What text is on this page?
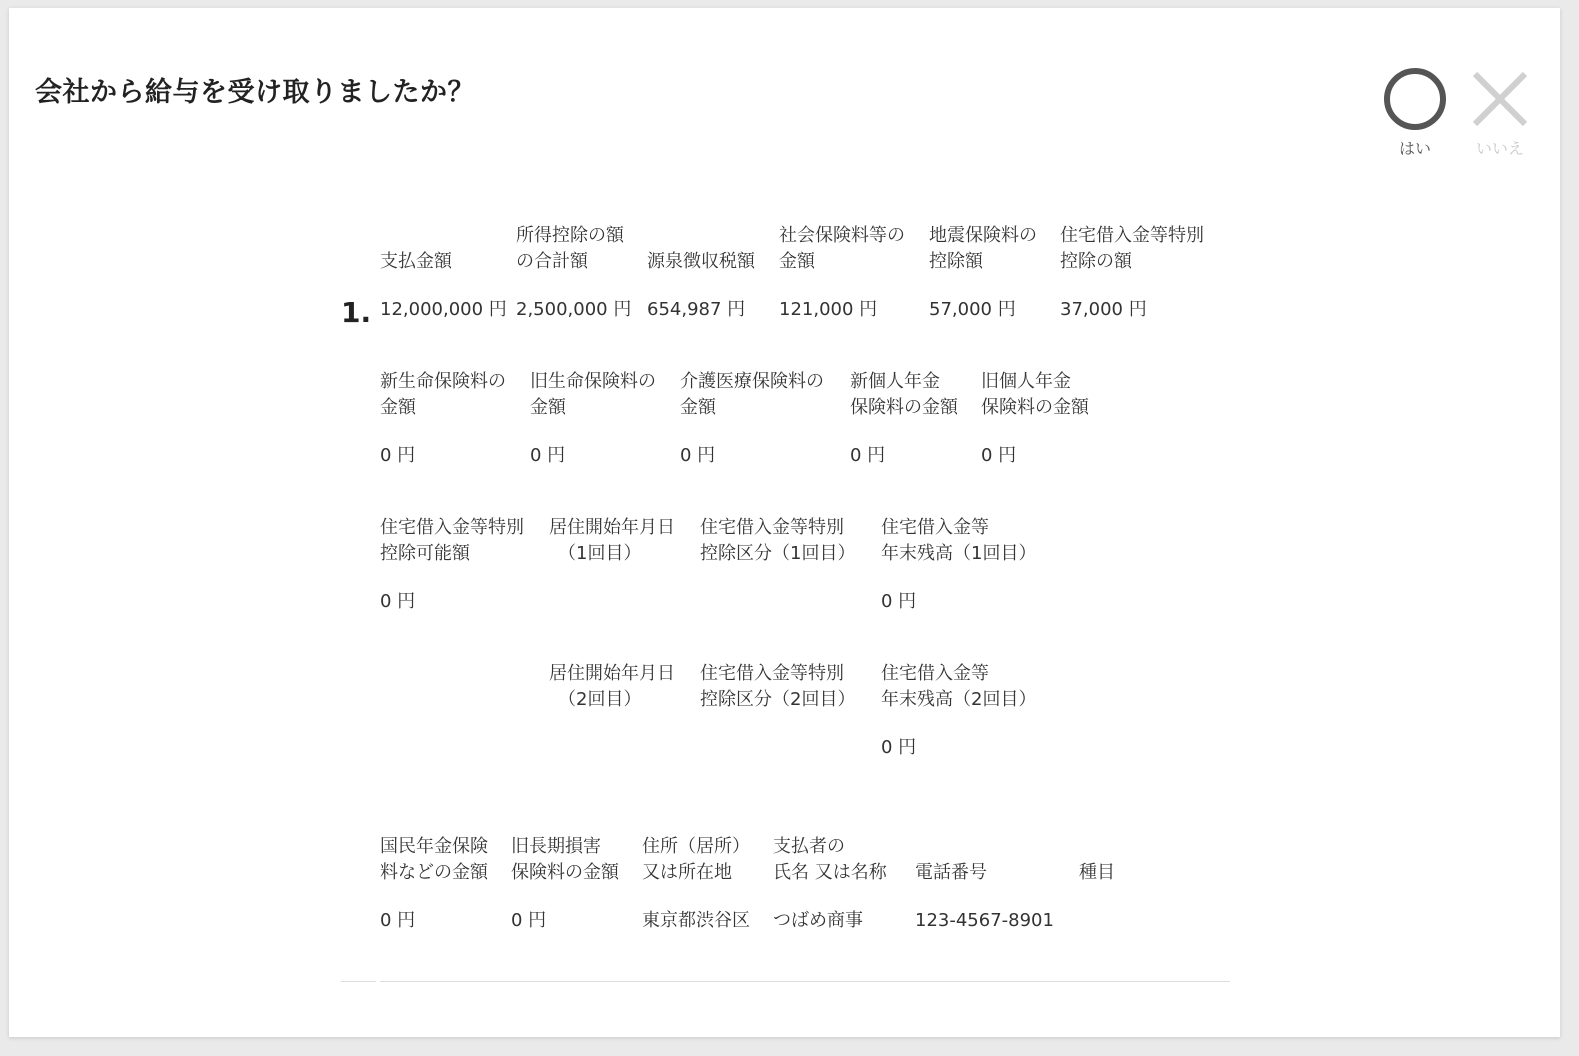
会社から給与を受け取りましたか？
はい	いいえ
1.
支払金額
12,000,000 円
所得控除の額
の合計額
2,500,000 円
源泉徴収税額
654,987 円
社会保険料等の
金額
121,000 円
地震保険料の
控除額
57,000 円
住宅借入金等特別
控除の額
37,000 円
新生命保険料の
金額
0 円
旧生命保険料の
金額
0 円
介護医療保険料の
金額
0 円
新個人年金
保険料の金額
0 円
旧個人年金
保険料の金額
0 円
住宅借入金等特別
控除可能額
0 円
居住開始年月日
　（1回目）
住宅借入金等特別
控除区分（1回目）
住宅借入金等
年末残高（1回目）
0 円
居住開始年月日
　（2回目）
住宅借入金等特別
控除区分（2回目）
住宅借入金等
年末残高（2回目）
0 円
国民年金保険
料などの金額
0 円
旧長期損害
保険料の金額
0 円
住所（居所）
又は所在地
東京都渋谷区
支払者の
氏名 又は名称
つばめ商事
電話番号
123-4567-8901
種目
